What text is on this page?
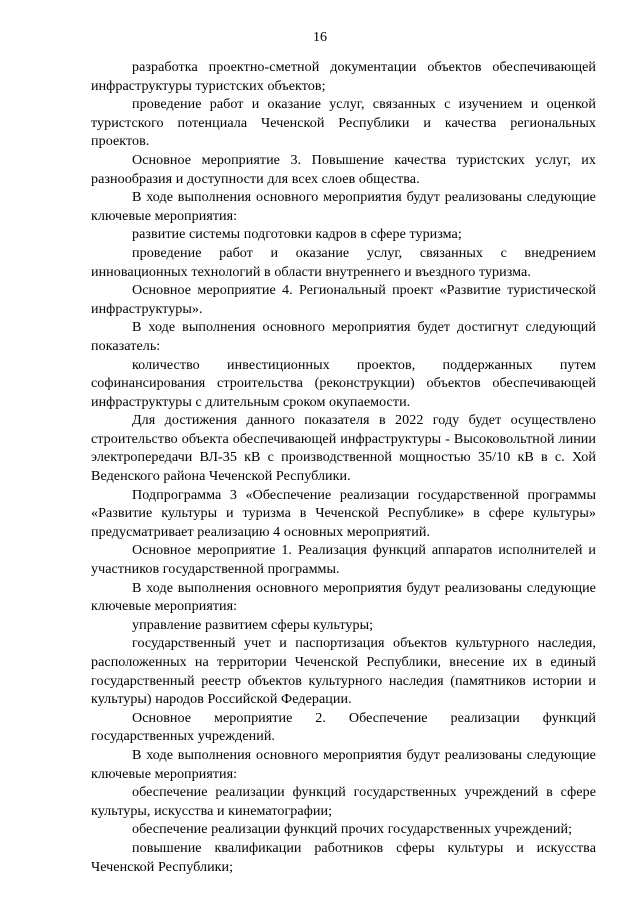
16

разработка проектно-сметной документации объектов обеспечивающей инфраструктуры туристских объектов;

проведение работ и оказание услуг, связанных с изучением и оценкой туристского потенциала Чеченской Республики и качества региональных проектов.

Основное мероприятие 3. Повышение качества туристских услуг, их разнообразия и доступности для всех слоев общества.

В ходе выполнения основного мероприятия будут реализованы следующие ключевые мероприятия:

развитие системы подготовки кадров в сфере туризма;

проведение работ и оказание услуг, связанных с внедрением инновационных технологий в области внутреннего и въездного туризма.

Основное мероприятие 4. Региональный проект «Развитие туристической инфраструктуры».

В ходе выполнения основного мероприятия будет достигнут следующий показатель:

количество инвестиционных проектов, поддержанных путем софинансирования строительства (реконструкции) объектов обеспечивающей инфраструктуры с длительным сроком окупаемости.

Для достижения данного показателя в 2022 году будет осуществлено строительство объекта обеспечивающей инфраструктуры - Высоковольтной линии электропередачи ВЛ-35 кВ с производственной мощностью 35/10 кВ в с. Хой Веденского района Чеченской Республики.

Подпрограмма 3 «Обеспечение реализации государственной программы «Развитие культуры и туризма в Чеченской Республике» в сфере культуры» предусматривает реализацию 4 основных мероприятий.

Основное мероприятие 1. Реализация функций аппаратов исполнителей и участников государственной программы.

В ходе выполнения основного мероприятия будут реализованы следующие ключевые мероприятия:

управление развитием сферы культуры;

государственный учет и паспортизация объектов культурного наследия, расположенных на территории Чеченской Республики, внесение их в единый государственный реестр объектов культурного наследия (памятников истории и культуры) народов Российской Федерации.

Основное мероприятие 2. Обеспечение реализации функций государственных учреждений.

В ходе выполнения основного мероприятия будут реализованы следующие ключевые мероприятия:

обеспечение реализации функций государственных учреждений в сфере культуры, искусства и кинематографии;

обеспечение реализации функций прочих государственных учреждений;

повышение квалификации работников сферы культуры и искусства Чеченской Республики;
